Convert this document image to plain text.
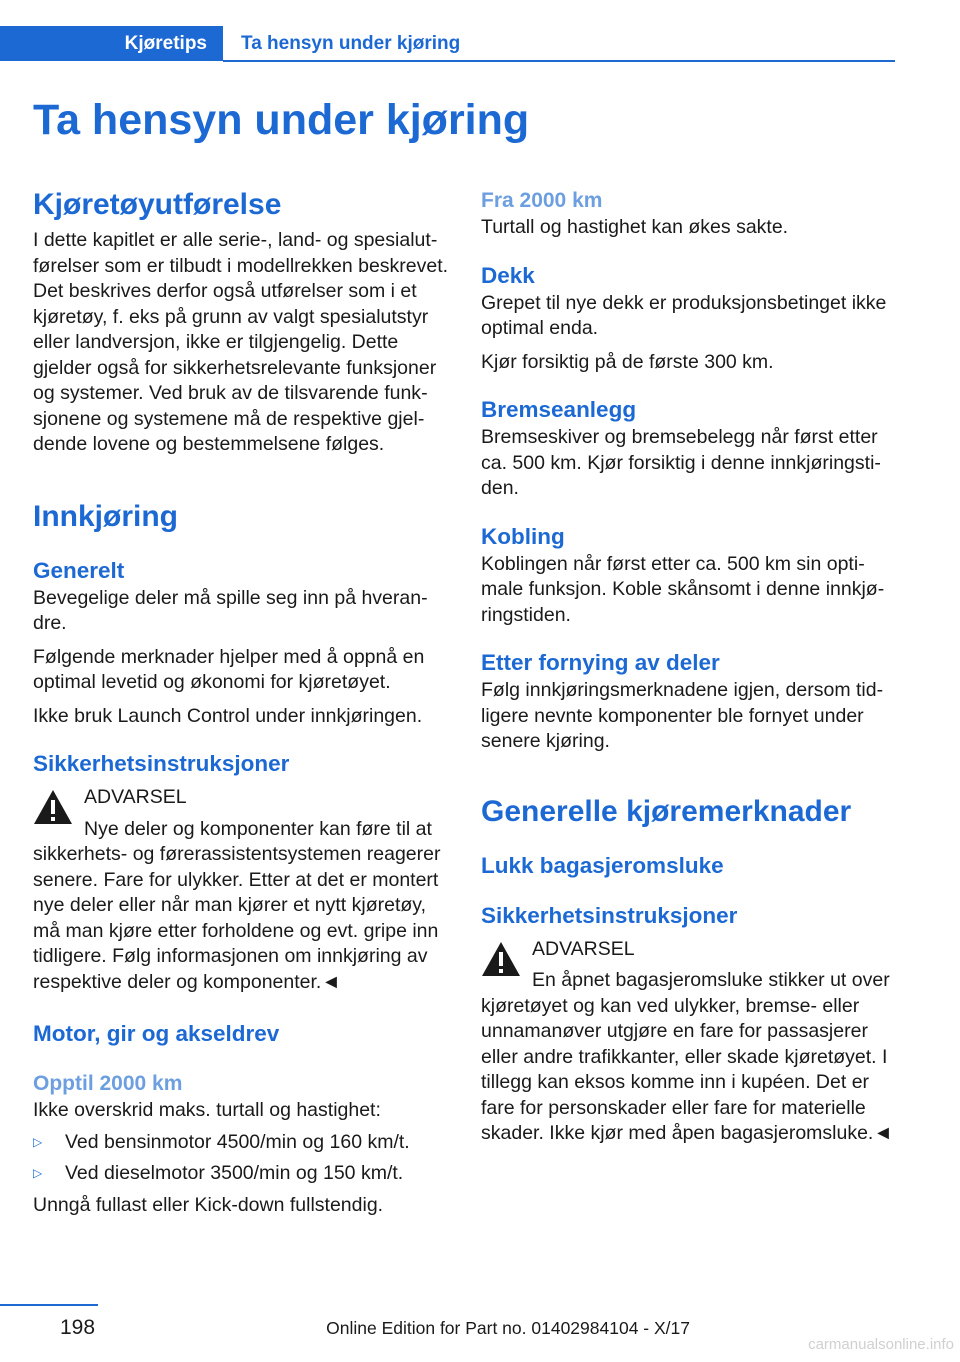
Kjøretips	Ta hensyn under kjøring
Ta hensyn under kjøring
Kjøretøyutførelse

I dette kapitlet er alle serie-, land- og spesialutførelser som er tilbudt i modellrekken beskrevet. Det beskrives derfor også utførelser som i et kjøretøy, f. eks på grunn av valgt spesialutstyr eller landversjon, ikke er tilgjengelig. Dette gjelder også for sikkerhetsrelevante funksjoner og systemer. Ved bruk av de tilsvarende funksjonene og systemene må de respektive gjeldende lovene og bestemmelsene følges.

Innkjøring
Generelt

Bevegelige deler må spille seg inn på hverandre.

Følgende merknader hjelper med å oppnå en optimal levetid og økonomi for kjøretøyet.

Ikke bruk Launch Control under innkjøringen.

Sikkerhetsinstruksjoner
ADVARSEL

Nye deler og komponenter kan føre til at

sikkerhets- og førerassistentsystemen reagerer senere. Fare for ulykker. Etter at det er montert nye deler eller når man kjører et nytt kjøretøy, må man kjøre etter forholdene og evt. gripe inn tidligere. Følg informasjonen om innkjøring av respektive deler og komponenter.◄

Motor, gir og akseldrev
Opptil 2000 km

Ikke overskrid maks. turtall og hastighet:

▷ Ved bensinmotor 4500/min og 160 km/t.
▷ Ved dieselmotor 3500/min og 150 km/t.

Unngå fullast eller Kick-down fullstendig.

Fra 2000 km

Turtall og hastighet kan økes sakte.

Dekk

Grepet til nye dekk er produksjonsbetinget ikke optimal enda.

Kjør forsiktig på de første 300 km.

Bremseanlegg

Bremseskiver og bremsebelegg når først etter ca. 500 km. Kjør forsiktig i denne innkjøringstiden.

Kobling

Koblingen når først etter ca. 500 km sin optimale funksjon. Koble skånsomt i denne innkjøringstiden.

Etter fornying av deler

Følg innkjøringsmerknadene igjen, dersom tidligere nevnte komponenter ble fornyet under senere kjøring.

Generelle kjøremerknader
Lukk bagasjeromsluke
Sikkerhetsinstruksjoner
ADVARSEL

En åpnet bagasjeromsluke stikker ut over

kjøretøyet og kan ved ulykker, bremse- eller unnamanøver utgjøre en fare for passasjerer eller andre trafikkanter, eller skade kjøretøyet. I tillegg kan eksos komme inn i kupéen. Det er fare for personskader eller fare for materielle skader. Ikke kjør med åpen bagasjeromsluke.◄

198	Online Edition for Part no. 01402984104 - X/17
carmanualsonline.info
